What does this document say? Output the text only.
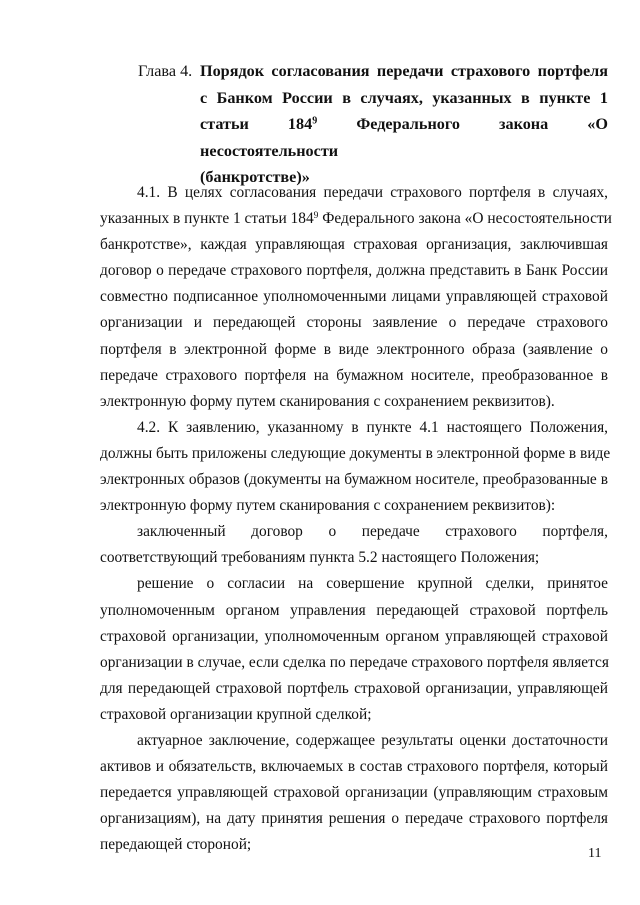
Глава 4. Порядок согласования передачи страхового портфеля
с Банком России в случаях, указанных в пункте 1
статьи $184^9$ Федерального закона «О несостоятельности
(банкротстве)»
4.1. В целях согласования передачи страхового портфеля в случаях,
указанных в пункте 1 статьи $184^9$ Федерального закона «О несостоятельности
банкротстве», каждая управляющая страховая организация, заключившая
договор о передаче страхового портфеля, должна представить в Банк России
совместно подписанное уполномоченными лицами управляющей страховой
организации и передающей стороны заявление о передаче страхового
портфеля в электронной форме в виде электронного образа (заявление о
передаче страхового портфеля на бумажном носителе, преобразованное в
электронную форму путем сканирования с сохранением реквизитов).
4.2. К заявлению, указанному в пункте 4.1 настоящего Положения,
должны быть приложены следующие документы в электронной форме в виде
электронных образов (документы на бумажном носителе, преобразованные в
электронную форму путем сканирования с сохранением реквизитов):
заключенный договор о передаче страхового портфеля,
соответствующий требованиям пункта 5.2 настоящего Положения;
решение о согласии на совершение крупной сделки, принятое
уполномоченным органом управления передающей страховой портфель
страховой организации, уполномоченным органом управляющей страховой
организации в случае, если сделка по передаче страхового портфеля является
для передающей страховой портфель страховой организации, управляющей
страховой организации крупной сделкой;
актуарное заключение, содержащее результаты оценки достаточности
активов и обязательств, включаемых в состав страхового портфеля, который
передается управляющей страховой организации (управляющим страховым
организациям), на дату принятия решения о передаче страхового портфеля
передающей стороной;
11
